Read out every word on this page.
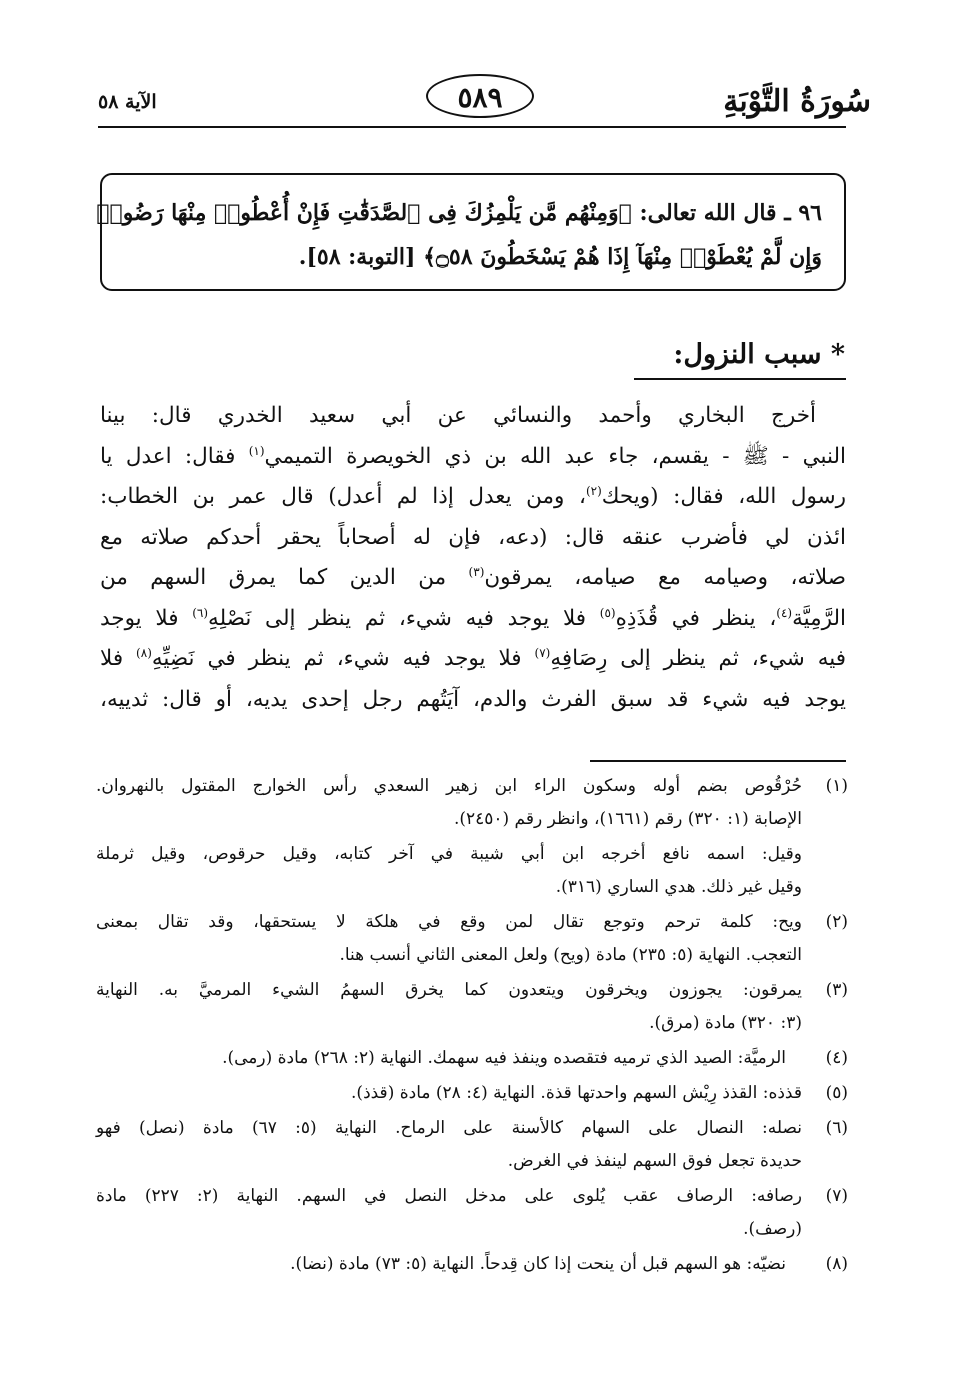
سُورَةُ التَّوْبَةِ
٥٨٩
الآية ٥٨
٩٦ ـ قال الله تعالى: ﴿وَمِنْهُم مَّن يَلْمِزُكَ فِى ٱلصَّدَقَٰتِ فَإِنْ أُعْطُوا۟ مِنْهَا رَضُوا۟
وَإِن لَّمْ يُعْطَوْا۟ مِنْهَآ إِذَا هُمْ يَسْخَطُونَ ۝٥٨﴾ [التوبة: ٥٨].
* سبب النزول:
أخرج البخاري وأحمد والنسائي عن أبي سعيد الخدري قال: بينا
النبي - ﷺ - يقسم، جاء عبد الله بن ذي الخويصرة التميمي$^{(١)}$ فقال: اعدل يا
رسول الله، فقال: (ويحك$^{(٢)}$، ومن يعدل إذا لم أعدل) قال عمر بن الخطاب:
ائذن لي فأضرب عنقه قال: (دعه، فإن له أصحاباً يحقر أحدكم صلاته مع
صلاته، وصيامه مع صيامه، يمرقون$^{(٣)}$ من الدين كما يمرق السهم من
الرَّمِيَّة$^{(٤)}$، ينظر في قُذَذِهِ$^{(٥)}$ فلا يوجد فيه شيء، ثم ينظر إلى نَصْلِهِ$^{(٦)}$ فلا يوجد
فيه شيء، ثم ينظر إلى رِصَافِهِ$^{(٧)}$ فلا يوجد فيه شيء، ثم ينظر في نَضِيِّهِ$^{(٨)}$ فلا
يوجد فيه شيء قد سبق الفرث والدم، آيَتُهم رجل إحدى يديه، أو قال: ثدييه،
(١)
حُرْقُوص بضم أوله وسكون الراء ابن زهير السعدي رأس الخوارج المقتول بالنهروان.
الإصابة (١: ٣٢٠) رقم (١٦٦١)، وانظر رقم (٢٤٥٠).
وقيل: اسمه نافع أخرجه ابن أبي شيبة في آخر كتابه، وقيل حرقوص، وقيل ثرملة
وقيل غير ذلك. هدي الساري (٣١٦).
(٢)
ويح: كلمة ترحم وتوجع تقال لمن وقع في هلكة لا يستحقها، وقد تقال بمعنى
التعجب. النهاية (٥: ٢٣٥) مادة (ويح) ولعل المعنى الثاني أنسب هنا.
(٣)
يمرقون: يجوزون ويخرقون ويتعدون كما يخرق السهمُ الشيء المرميَّ به. النهاية
(٣: ٣٢٠) مادة (مرق).
(٤)
الرميَّة: الصيد الذي ترميه فتقصده وينفذ فيه سهمك. النهاية (٢: ٢٦٨) مادة (رمى).
(٥)
قذذه: القذذ رِيْش السهم واحدتها قذة. النهاية (٤: ٢٨) مادة (قذذ).
(٦)
نصله: النصال على السهام كالأسنة على الرماح. النهاية (٥: ٦٧) مادة (نصل) فهو
حديدة تجعل فوق السهم لينفذ في الغرض.
(٧)
رصافه: الرصاف عقب يُلوى على مدخل النصل في السهم. النهاية (٢: ٢٢٧) مادة
(رصف).
(٨)
نضيّه: هو السهم قبل أن ينحت إذا كان قِدحاً. النهاية (٥: ٧٣) مادة (نضا).
